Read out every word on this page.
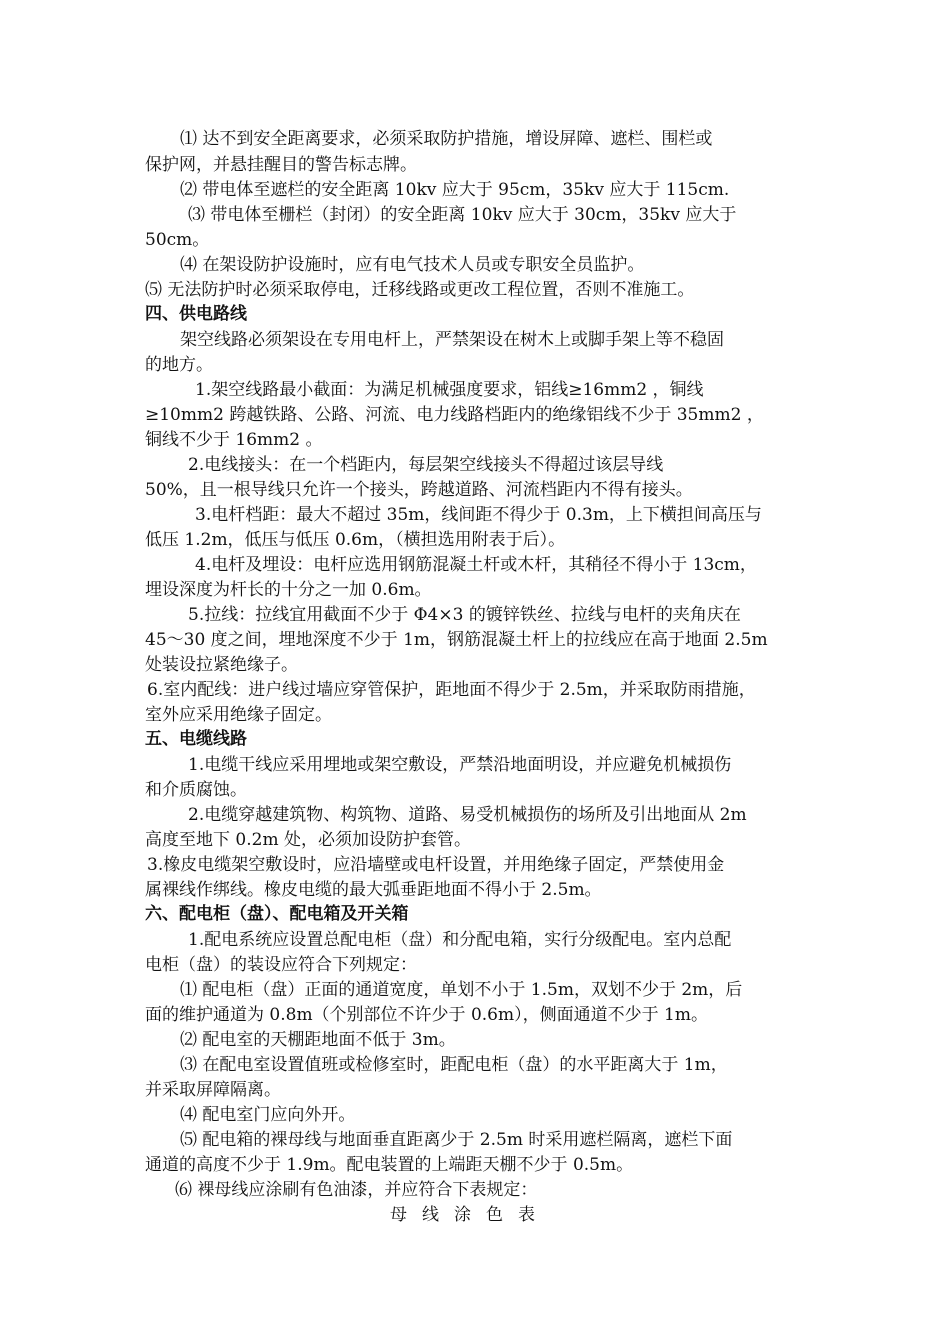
⑴ 达不到安全距离要求，必须采取防护措施，增设屏障、遮栏、围栏或
保护网，并悬挂醒目的警告标志牌。
⑵ 带电体至遮栏的安全距离 10kv 应大于 95cm，35kv 应大于 115cm.
⑶ 带电体至栅栏（封闭）的安全距离 10kv 应大于 30cm，35kv 应大于
50cm。
⑷ 在架设防护设施时，应有电气技术人员或专职安全员监护。
⑸ 无法防护时必须采取停电，迁移线路或更改工程位置，否则不准施工。
四、供电路线
架空线路必须架设在专用电杆上，严禁架设在树木上或脚手架上等不稳固
的地方。
1.架空线路最小截面：为满足机械强度要求，铝线≥16mm2 ，铜线
≥10mm2 跨越铁路、公路、河流、电力线路档距内的绝缘铝线不少于 35mm2 ，
铜线不少于 16mm2 。
2.电线接头：在一个档距内，每层架空线接头不得超过该层导线
50%，且一根导线只允许一个接头，跨越道路、河流档距内不得有接头。
3.电杆档距：最大不超过 35m，线间距不得少于 0.3m，上下横担间高压与
低压 1.2m，低压与低压 0.6m，（横担选用附表于后）。
4.电杆及埋设：电杆应选用钢筋混凝土杆或木杆，其稍径不得小于 13cm，
埋设深度为杆长的十分之一加 0.6m。
5.拉线：拉线宜用截面不少于 Φ4×3 的镀锌铁丝、拉线与电杆的夹角庆在
45～30 度之间，埋地深度不少于 1m，钢筋混凝土杆上的拉线应在高于地面 2.5m
处装设拉紧绝缘子。
6.室内配线：进户线过墙应穿管保护，距地面不得少于 2.5m，并采取防雨措施，
室外应采用绝缘子固定。
五、电缆线路
1.电缆干线应采用埋地或架空敷设，严禁沿地面明设，并应避免机械损伤
和介质腐蚀。
2.电缆穿越建筑物、构筑物、道路、易受机械损伤的场所及引出地面从 2m
高度至地下 0.2m 处，必须加设防护套管。
3.橡皮电缆架空敷设时，应沿墙壁或电杆设置，并用绝缘子固定，严禁使用金
属裸线作绑线。橡皮电缆的最大弧垂距地面不得小于 2.5m。
六、配电柜（盘）、配电箱及开关箱
1.配电系统应设置总配电柜（盘）和分配电箱，实行分级配电。室内总配
电柜（盘）的装设应符合下列规定：
⑴ 配电柜（盘）正面的通道宽度，单划不小于 1.5m，双划不少于 2m，后
面的维护通道为 0.8m（个别部位不许少于 0.6m），侧面通道不少于 1m。
⑵ 配电室的天棚距地面不低于 3m。
⑶ 在配电室设置值班或检修室时，距配电柜（盘）的水平距离大于 1m，
并采取屏障隔离。
⑷ 配电室门应向外开。
⑸ 配电箱的裸母线与地面垂直距离少于 2.5m 时采用遮栏隔离，遮栏下面
通道的高度不少于 1.9m。配电装置的上端距天棚不少于 0.5m。
⑹ 裸母线应涂刷有色油漆，并应符合下表规定：
母线涂色表
